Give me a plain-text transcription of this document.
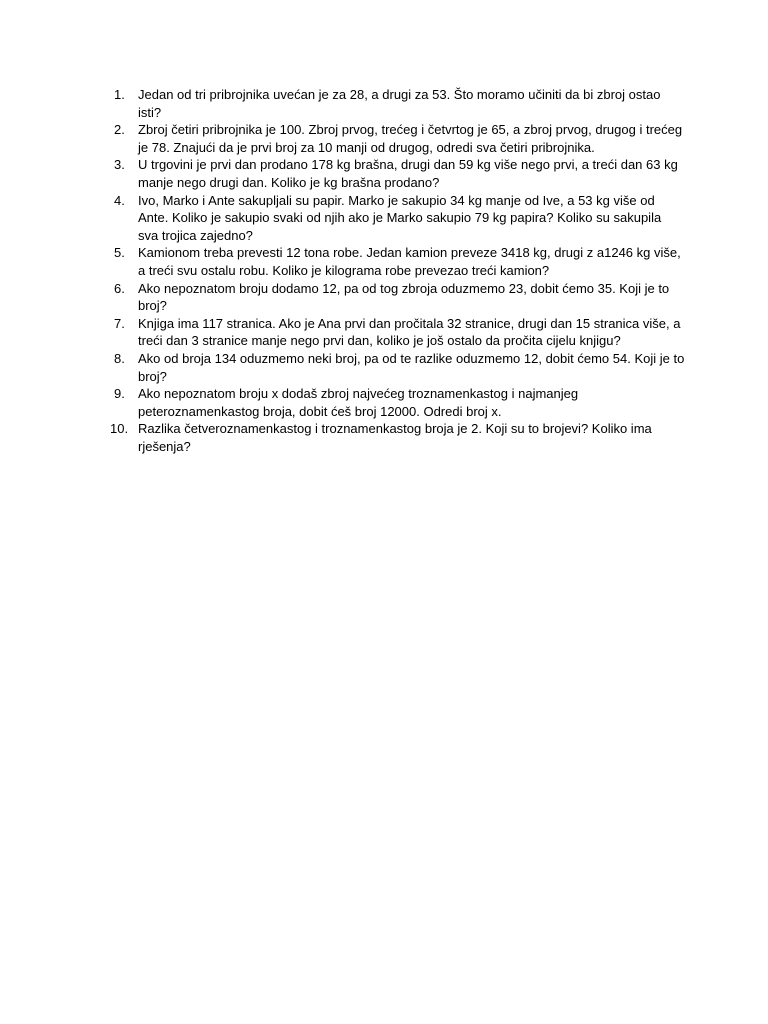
1.	Jedan od tri pribrojnika uvećan je za 28, a drugi za 53. Što moramo učiniti da bi zbroj ostao isti?
2.	Zbroj četiri pribrojnika je 100. Zbroj prvog, trećeg i četvrtog je 65, a zbroj prvog, drugog i trećeg je 78. Znajući da je prvi broj za 10 manji od drugog, odredi sva četiri pribrojnika.
3.	U trgovini je prvi dan prodano 178 kg brašna, drugi dan 59 kg više nego prvi, a treći dan 63 kg manje nego drugi dan. Koliko je kg brašna prodano?
4.	Ivo, Marko i Ante sakupljali su papir. Marko je sakupio 34 kg manje od Ive, a 53 kg više od Ante. Koliko je sakupio svaki od njih ako je Marko sakupio 79 kg papira? Koliko su sakupila sva trojica zajedno?
5.	Kamionom treba prevesti 12 tona robe. Jedan kamion preveze 3418 kg, drugi z a1246 kg više, a treći svu ostalu robu. Koliko je kilograma robe prevezao treći kamion?
6.	Ako nepoznatom broju dodamo 12, pa od tog zbroja oduzmemo 23, dobit ćemo 35. Koji je to broj?
7.	Knjiga ima 117 stranica. Ako je Ana prvi dan pročitala 32 stranice, drugi dan 15 stranica više, a treći dan 3 stranice manje nego prvi dan, koliko je još ostalo da pročita cijelu knjigu?
8.	Ako od broja 134 oduzmemo neki broj, pa od te razlike oduzmemo 12, dobit ćemo 54. Koji je to broj?
9.	Ako nepoznatom broju x dodaš zbroj najvećeg troznamenkastog i najmanjeg peteroznamenkastog broja, dobit ćeš broj 12000. Odredi broj x.
10. Razlika četveroznamenkastog i troznamenkastog broja je 2. Koji su to brojevi? Koliko ima rješenja?
